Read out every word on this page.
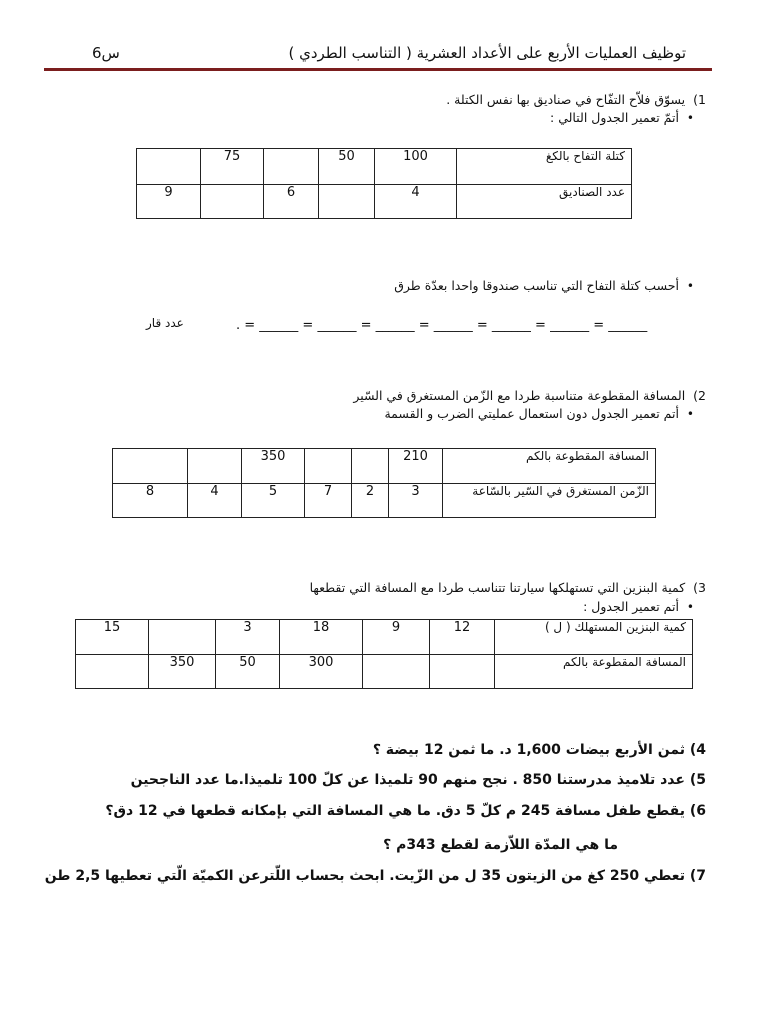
توظيف العمليات الأربع على الأعداد العشرية ( التناسب الطردي )
س6
1) يسوّق فلاّح التفّاح في صناديق بها نفس الكتلة .
• أتمّ تعمير الجدول التالي :
	75		50	100	كتلة التفاح بالكغ
9		6		4	عدد الصناديق
• أحسب كتلة التفاح التي تناسب صندوقا واحدا بعدّة طرق
. = ______ = ______ = ______ = ______ = ______ = ______ = ______
عدد قار
2) المسافة المقطوعة متناسبة طردا مع الزّمن المستغرق في السّير
• أتم تعمير الجدول دون استعمال عمليتي الضرب و القسمة
		350			210	المسافة المقطوعة بالكم
8	4	5	7	2	3	الزّمن المستغرق في السّير بالسّاعة
3) كمية البنزين التي تستهلكها سيارتنا تتناسب طردا مع المسافة التي تقطعها
• أتم تعمير الجدول :
15		3	18	9	12	كمية البنزين المستهلك ( ل )
	350	50	300			المسافة المقطوعة بالكم
4) ثمن الأربع بيضات 1,600 د. ما ثمن 12 بيضة ؟
5) عدد تلاميذ مدرستنا 850 . نجح منهم 90 تلميذا عن كلّ 100 تلميذا.ما عدد الناجحين
6) يقطع طفل مسافة 245 م كلّ 5 دق. ما هي المسافة التي بإمكانه قطعها في 12 دق؟
ما هي المدّة اللاّزمة لقطع 343م ؟
7) تعطي 250 كغ من الزيتون 35 ل من الزّيت. ابحث بحساب اللّترعن الكميّة الّتي تعطيها 2,5 طن
